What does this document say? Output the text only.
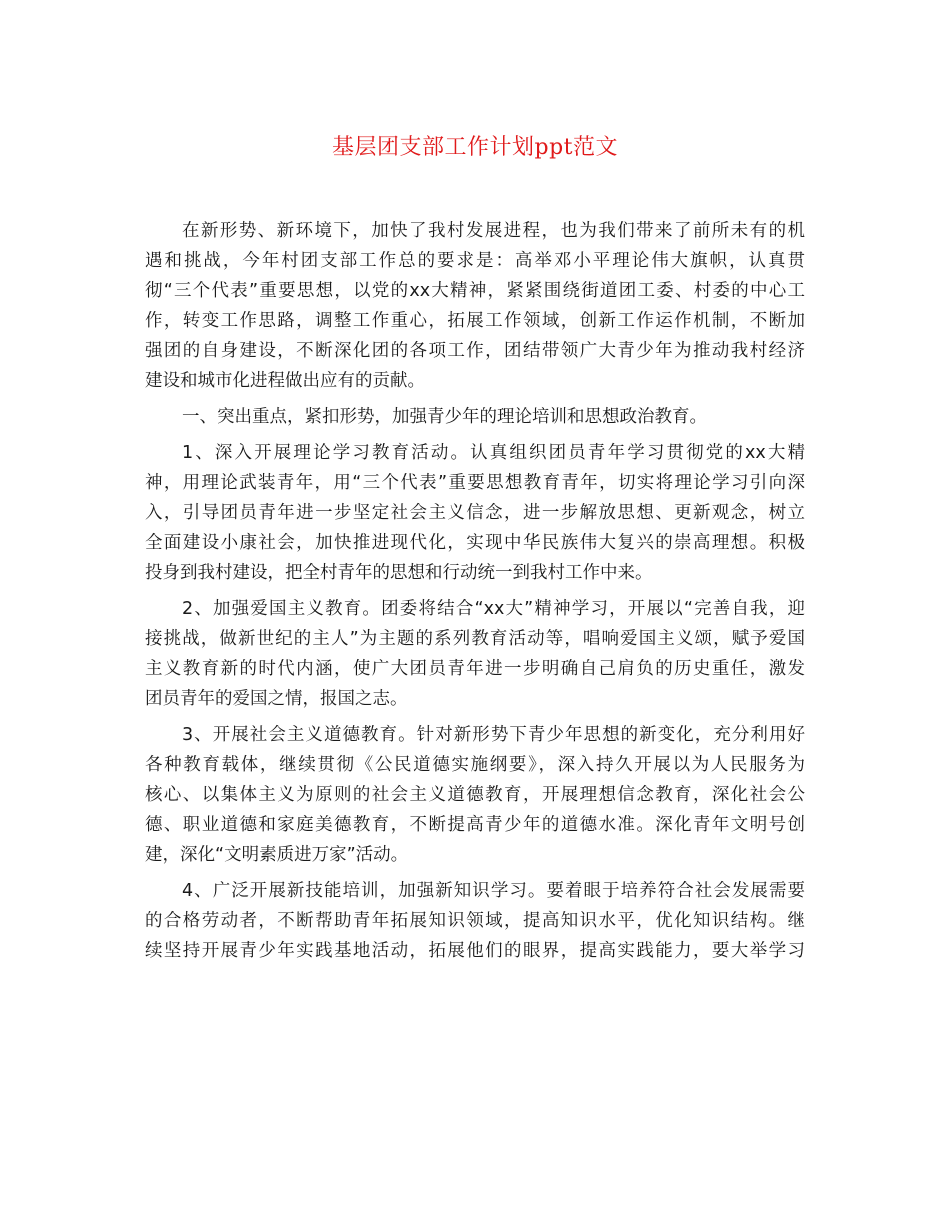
基层团支部工作计划ppt范文
在新形势、新环境下，加快了我村发展进程，也为我们带来了前所未有的机
遇和挑战，今年村团支部工作总的要求是：高举邓小平理论伟大旗帜，认真贯
彻“三个代表”重要思想，以党的xx大精神，紧紧围绕街道团工委、村委的中心工
作，转变工作思路，调整工作重心，拓展工作领域，创新工作运作机制，不断加
强团的自身建设，不断深化团的各项工作，团结带领广大青少年为推动我村经济
建设和城市化进程做出应有的贡献。
一、突出重点，紧扣形势，加强青少年的理论培训和思想政治教育。
1、深入开展理论学习教育活动。认真组织团员青年学习贯彻党的xx大精
神，用理论武装青年，用“三个代表”重要思想教育青年，切实将理论学习引向深
入，引导团员青年进一步坚定社会主义信念，进一步解放思想、更新观念，树立
全面建设小康社会，加快推进现代化，实现中华民族伟大复兴的崇高理想。积极
投身到我村建设，把全村青年的思想和行动统一到我村工作中来。
2、加强爱国主义教育。团委将结合“xx大”精神学习，开展以“完善自我，迎
接挑战，做新世纪的主人”为主题的系列教育活动等，唱响爱国主义颂，赋予爱国
主义教育新的时代内涵，使广大团员青年进一步明确自己肩负的历史重任，激发
团员青年的爱国之情，报国之志。
3、开展社会主义道德教育。针对新形势下青少年思想的新变化，充分利用好
各种教育载体，继续贯彻《公民道德实施纲要》，深入持久开展以为人民服务为
核心、以集体主义为原则的社会主义道德教育，开展理想信念教育，深化社会公
德、职业道德和家庭美德教育，不断提高青少年的道德水准。深化青年文明号创
建，深化“文明素质进万家”活动。
4、广泛开展新技能培训，加强新知识学习。要着眼于培养符合社会发展需要
的合格劳动者，不断帮助青年拓展知识领域，提高知识水平，优化知识结构。继
续坚持开展青少年实践基地活动，拓展他们的眼界，提高实践能力，要大举学习
